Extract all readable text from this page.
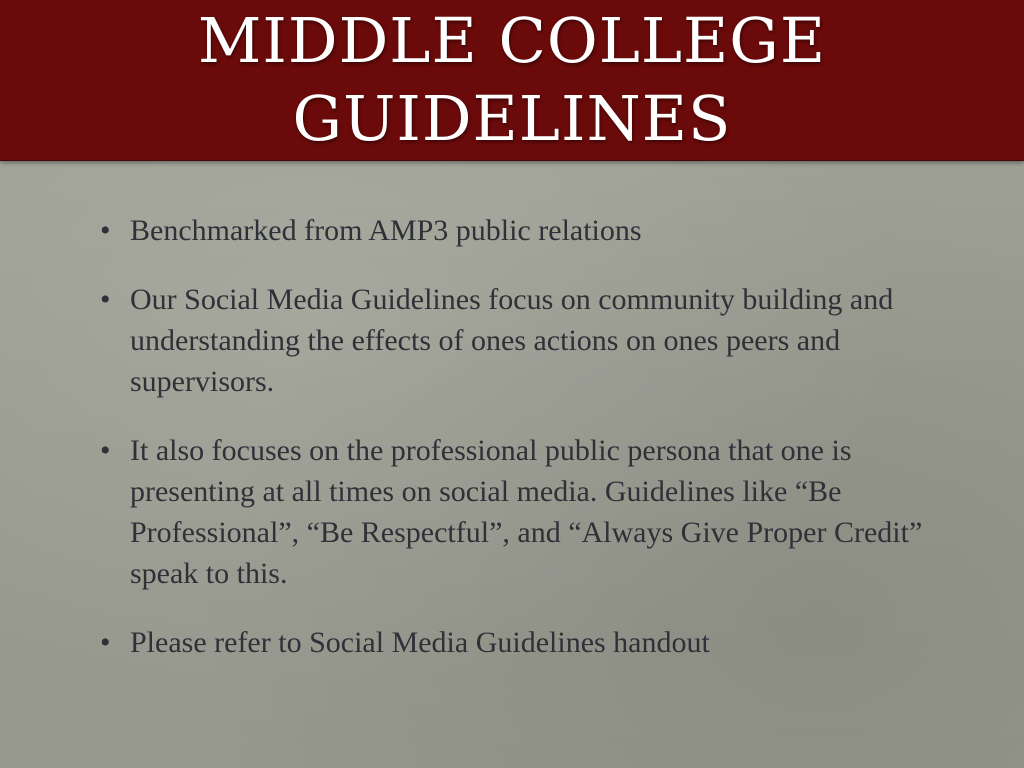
MIDDLE COLLEGE
GUIDELINES
• Benchmarked from AMP3 public relations
• Our Social Media Guidelines focus on community building and understanding the effects of ones actions on ones peers and supervisors.
• It also focuses on the professional public persona that one is presenting at all times on social media. Guidelines like “Be Professional”, “Be Respectful”, and “Always Give Proper Credit” speak to this.
• Please refer to Social Media Guidelines handout
